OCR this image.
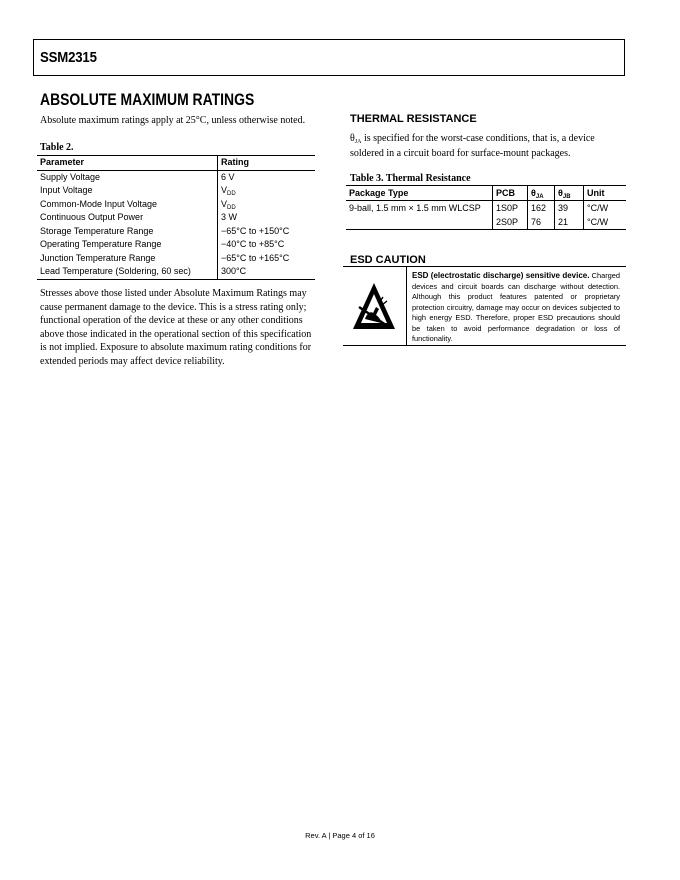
SSM2315
ABSOLUTE MAXIMUM RATINGS
Absolute maximum ratings apply at 25°C, unless otherwise noted.
Table 2.
Parameter	Rating
Supply Voltage	6 V
Input Voltage	$V_{DD}$
Common-Mode Input Voltage	$V_{DD}$
Continuous Output Power	3 W
Storage Temperature Range	−65°C to +150°C
Operating Temperature Range	−40°C to +85°C
Junction Temperature Range	−65°C to +165°C
Lead Temperature (Soldering, 60 sec)	300°C
Stresses above those listed under Absolute Maximum Ratings may cause permanent damage to the device. This is a stress rating only; functional operation of the device at these or any other conditions above those indicated in the operational section of this specification is not implied. Exposure to absolute maximum rating conditions for extended periods may affect device reliability.
THERMAL RESISTANCE
$\theta_{JA}$ is specified for the worst-case conditions, that is, a device soldered in a circuit board for surface-mount packages.
Table 3. Thermal Resistance
Package Type	PCB	$\theta_{JA}$	$\theta_{JB}$	Unit
9-ball, 1.5 mm × 1.5 mm WLCSP	1S0P	162	39	°C/W
	2S0P	76	21	°C/W
ESD CAUTION
ESD (electrostatic discharge) sensitive device. Charged devices and circuit boards can discharge without detection. Although this product features patented or proprietary protection circuitry, damage may occur on devices subjected to high energy ESD. Therefore, proper ESD precautions should be taken to avoid performance degradation or loss of functionality.
Rev. A | Page 4 of 16
